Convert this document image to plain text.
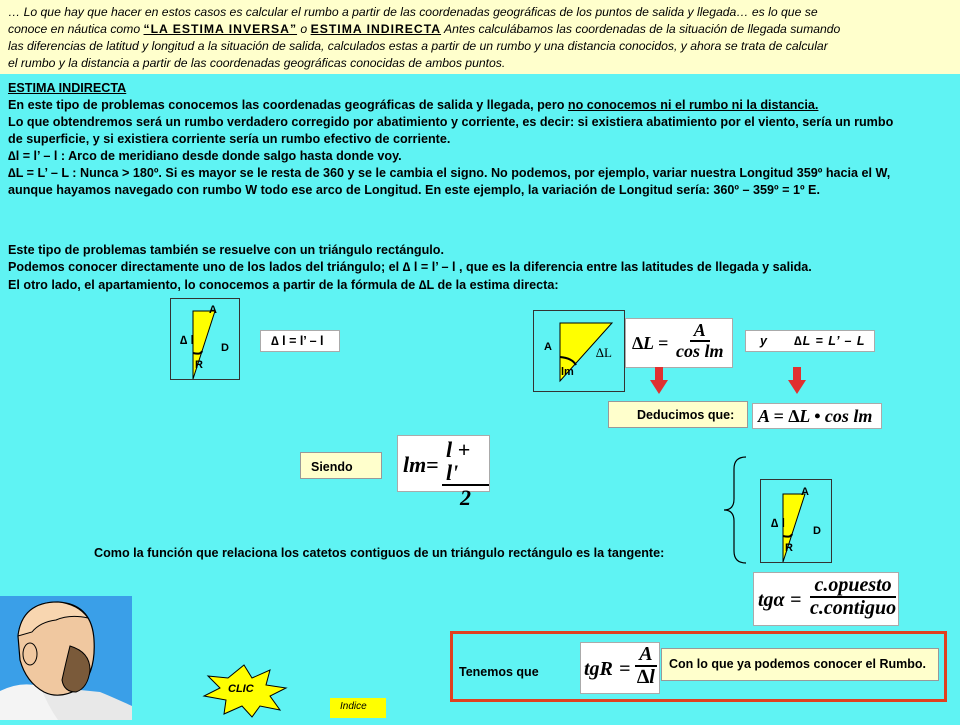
… Lo que hay que hacer en estos casos es calcular el rumbo a partir de las coordenadas geográficas de los puntos de salida y llegada… es lo que se
conoce en náutica como “LA ESTIMA INVERSA” o ESTIMA INDIRECTA Antes calculábamos las coordenadas de la situación de llegada sumando
las diferencias de latitud y longitud a la situación de salida, calculados estas a partir de un rumbo y una distancia conocidos, y ahora se trata de calcular
el rumbo y la distancia a partir de las coordenadas geográficas conocidas de ambos puntos.
ESTIMA INDIRECTA
En este tipo de problemas conocemos las coordenadas geográficas de salida y llegada, pero no conocemos ni el rumbo ni la distancia.
Lo que obtendremos será un rumbo verdadero corregido por abatimiento y corriente, es decir: si existiera abatimiento por el viento, sería un rumbo
de superficie, y si existiera corriente sería un rumbo efectivo de corriente.
∆l = l’ – l : Arco de meridiano desde donde salgo hasta donde voy.
∆L = L’ – L : Nunca > 180º. Si es mayor se le resta de 360 y se le cambia el signo. No podemos, por ejemplo, variar nuestra Longitud 359º hacia el W,
aunque hayamos navegado con rumbo W todo ese arco de Longitud. En este ejemplo, la variación de Longitud sería: 360º – 359º = 1º E.
Este tipo de problemas también se resuelve con un triángulo rectángulo.
Podemos conocer directamente uno de los lados del triángulo; el ∆ l = l’ – l , que es la diferencia entre las latitudes de llegada y salida.
El otro lado, el apartamiento, lo conocemos a partir de la fórmula de ∆L de la estima directa:
A
∆ l
D
R
∆ l = l’ – l	A	∆L
lm
$\Delta L = \frac{A}{\text{cos lm}}$	y ∆L = L’ – L
Deducimos que: A = ∆L • cos lm
Siendo lm = $\frac{l + l'}{2}$	A
∆ l
D
R
Como la función que relaciona los catetos contiguos de un triángulo rectángulo es la tangente:
$tg\alpha = \frac{\text{c.opuesto}}{\text{c.contiguo}}$
CLIC
Indice
Tenemos que tgR = $\frac{A}{\Delta l}$ Con lo que ya podemos conocer el Rumbo.
